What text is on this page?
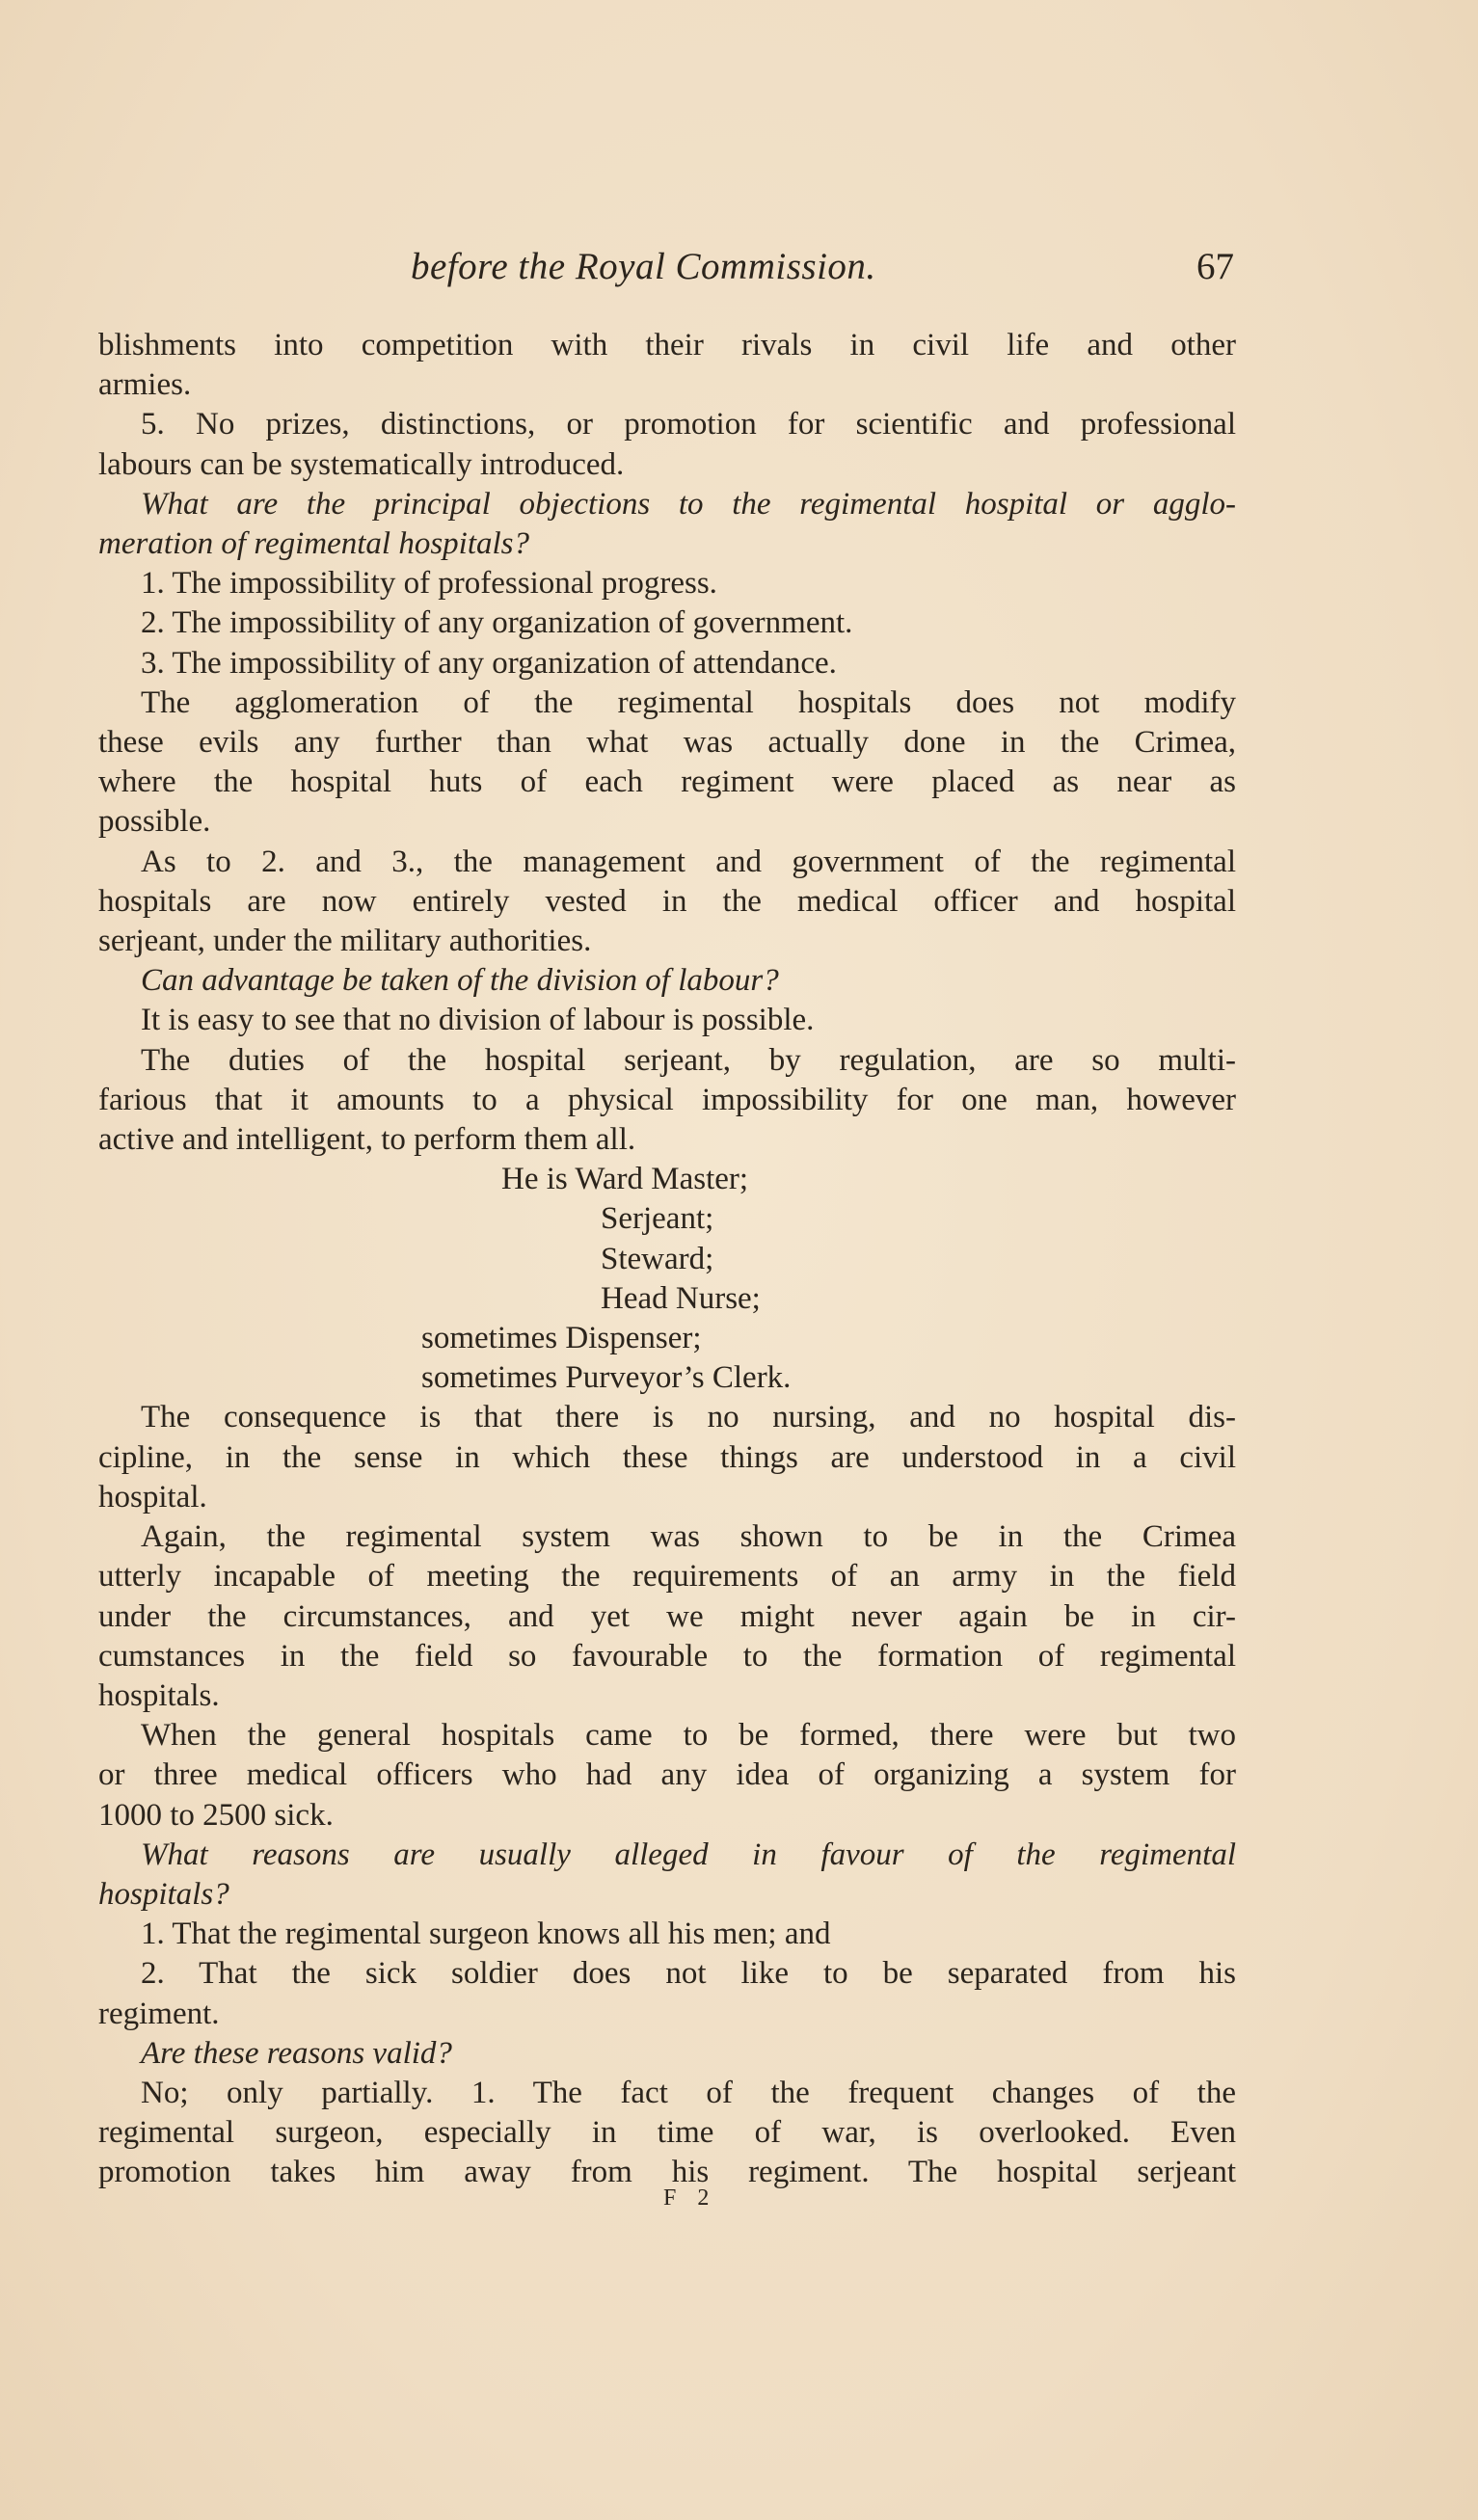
before the Royal Commission.	67
blishments into competition with their rivals in civil life and other
armies.
5. No prizes, distinctions, or promotion for scientific and professional
labours can be systematically introduced.
What are the principal objections to the regimental hospital or agglo-
meration of regimental hospitals?
1. The impossibility of professional progress.
2. The impossibility of any organization of government.
3. The impossibility of any organization of attendance.
The agglomeration of the regimental hospitals does not modify
these evils any further than what was actually done in the Crimea,
where the hospital huts of each regiment were placed as near as
possible.
As to 2. and 3., the management and government of the regimental
hospitals are now entirely vested in the medical officer and hospital
serjeant, under the military authorities.
Can advantage be taken of the division of labour?
It is easy to see that no division of labour is possible.
The duties of the hospital serjeant, by regulation, are so multi-
farious that it amounts to a physical impossibility for one man, however
active and intelligent, to perform them all.
He is Ward Master;
Serjeant;
Steward;
Head Nurse;
sometimes Dispenser;
sometimes Purveyor’s Clerk.
The consequence is that there is no nursing, and no hospital dis-
cipline, in the sense in which these things are understood in a civil
hospital.
Again, the regimental system was shown to be in the Crimea
utterly incapable of meeting the requirements of an army in the field
under the circumstances, and yet we might never again be in cir-
cumstances in the field so favourable to the formation of regimental
hospitals.
When the general hospitals came to be formed, there were but two
or three medical officers who had any idea of organizing a system for
1000 to 2500 sick.
What reasons are usually alleged in favour of the regimental
hospitals?
1. That the regimental surgeon knows all his men; and
2. That the sick soldier does not like to be separated from his
regiment.
Are these reasons valid?
No; only partially. 1. The fact of the frequent changes of the
regimental surgeon, especially in time of war, is overlooked. Even
promotion takes him away from his regiment. The hospital serjeant
F 2
